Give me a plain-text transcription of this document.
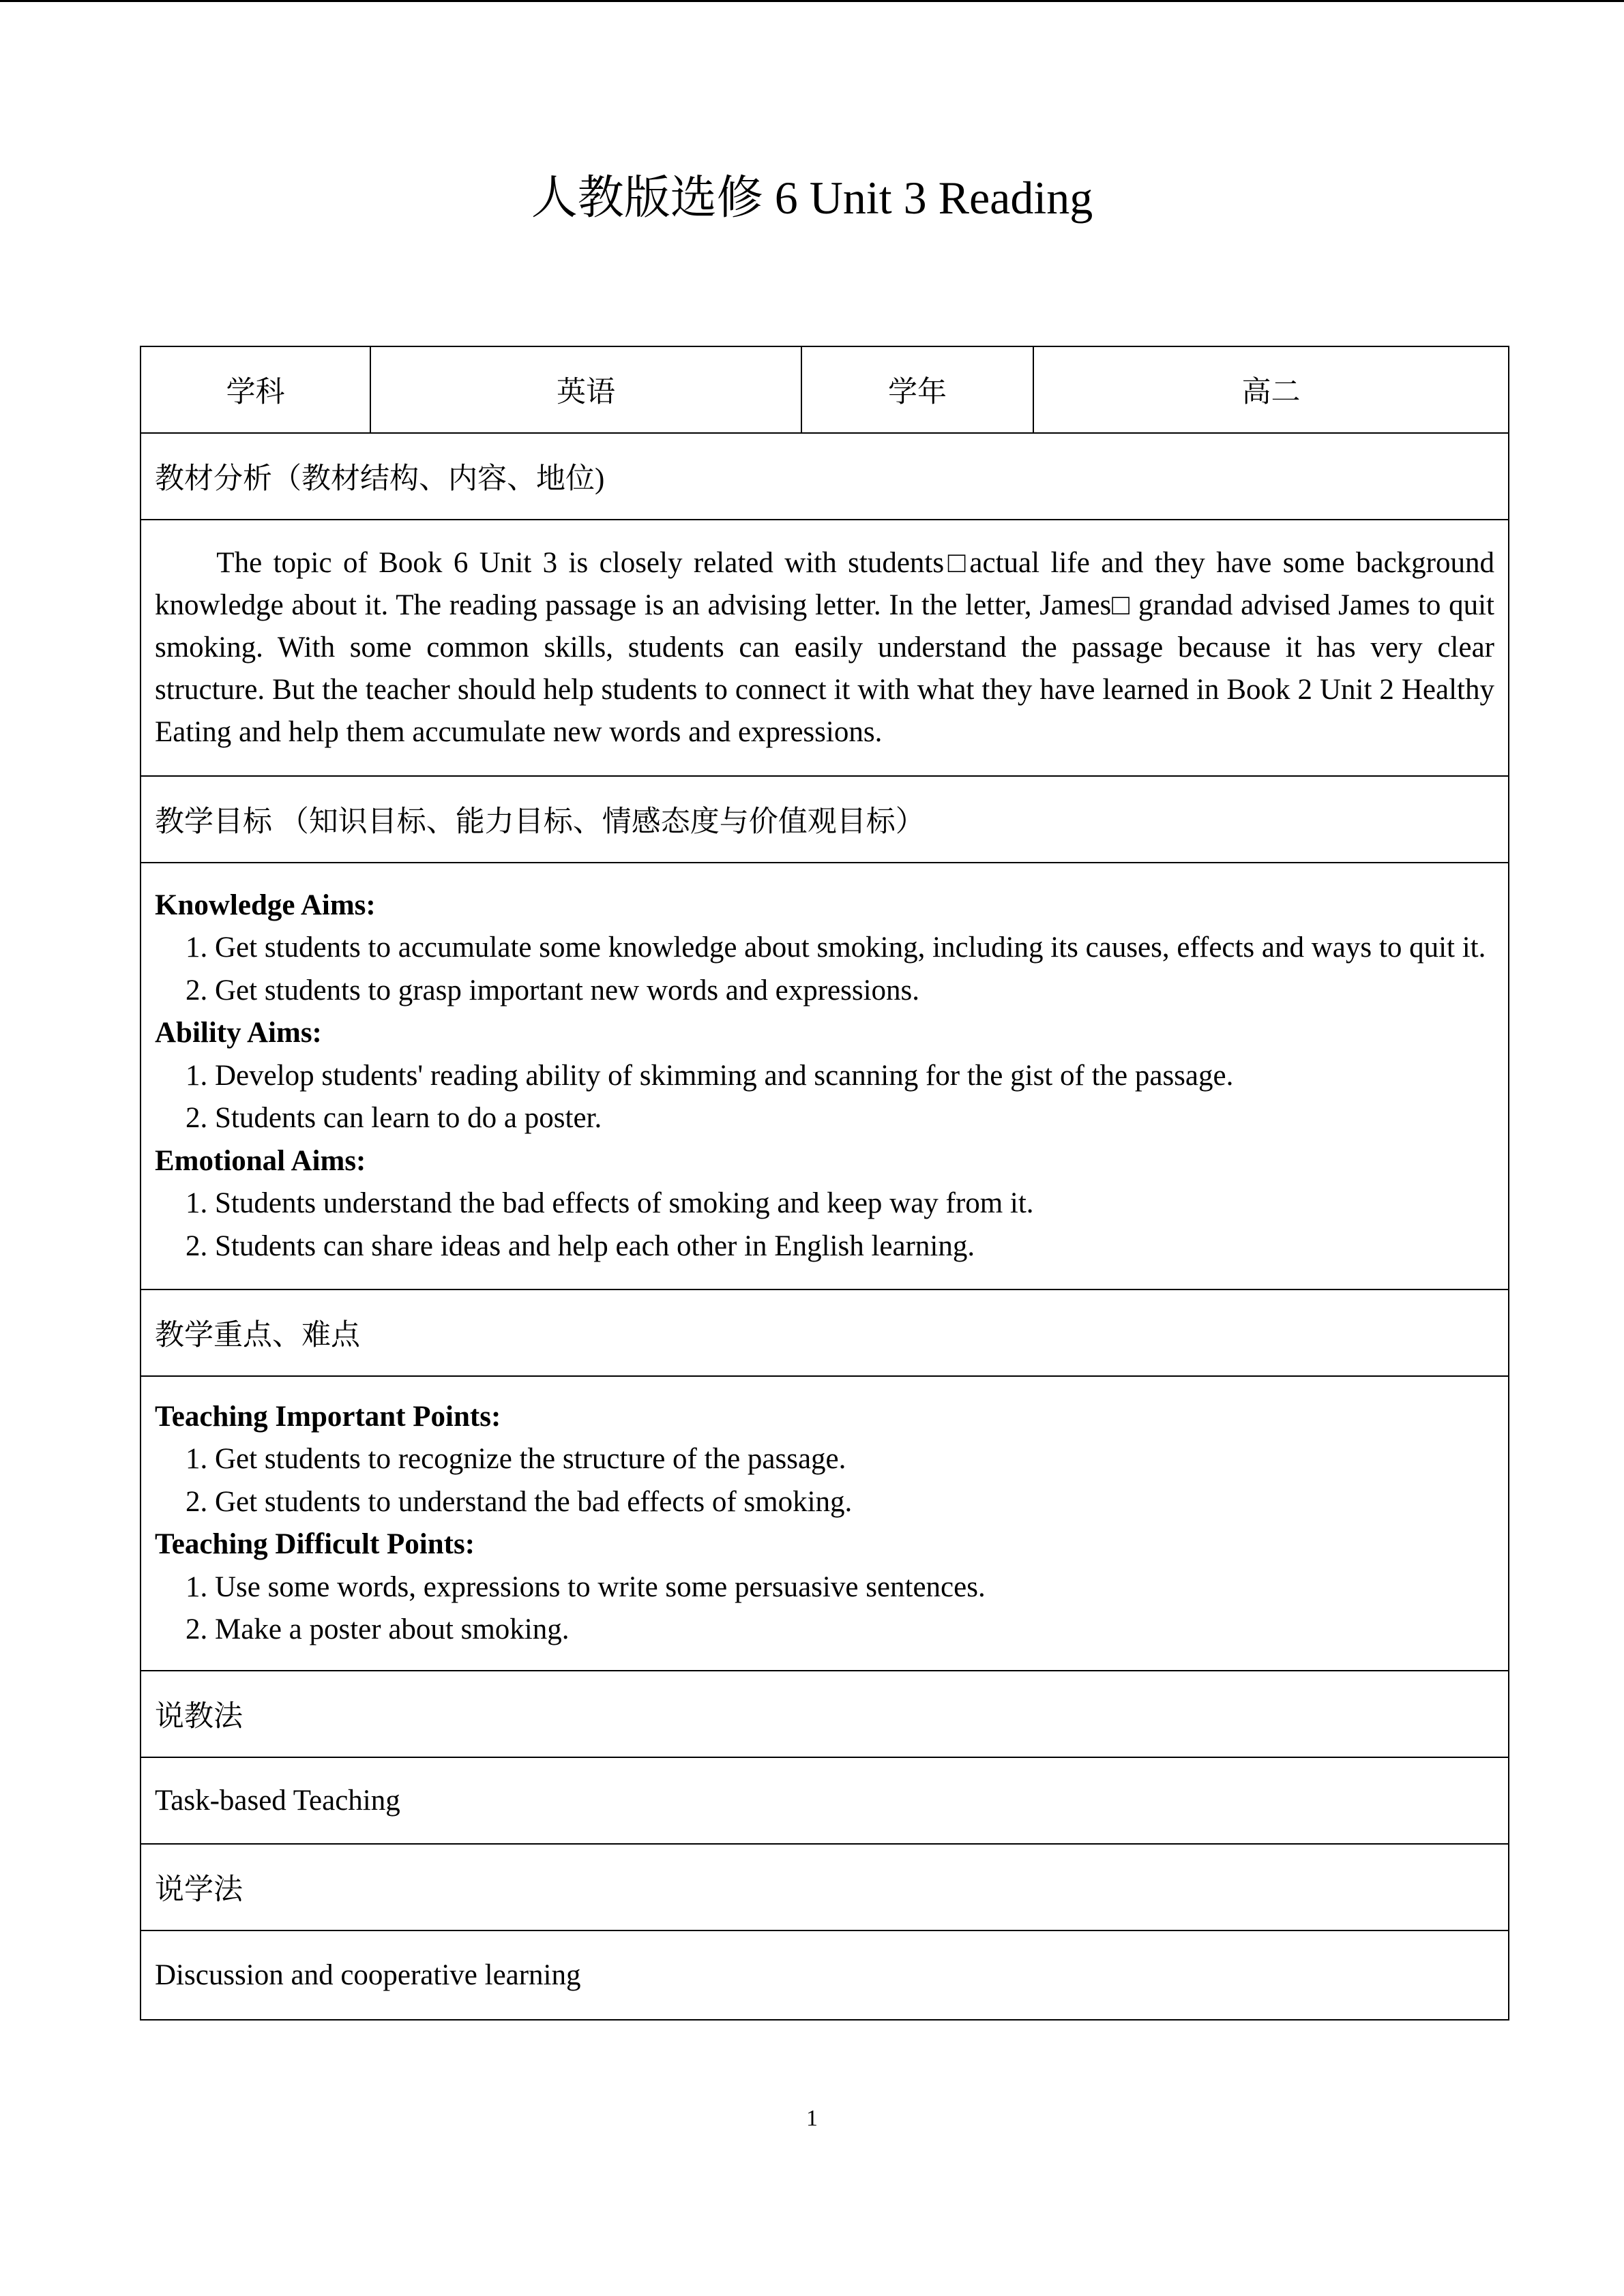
人教版选修 6 Unit 3 Reading
学科	英语	学年	高二
教材分析（教材结构、内容、地位)
The topic of Book 6 Unit 3 is closely related with students□actual life and they have some background knowledge about it. The reading passage is an advising letter. In the letter, James□ grandad advised James to quit smoking. With some common skills, students can easily understand the passage because it has very clear structure. But the teacher should help students to connect it with what they have learned in Book 2 Unit 2 Healthy Eating and help them accumulate new words and expressions.
教学目标 （知识目标、能力目标、情感态度与价值观目标）

Knowledge Aims:
1. Get students to accumulate some knowledge about smoking, including its causes, effects and ways to quit it.
2. Get students to grasp important new words and expressions.
Ability Aims:
1. Develop students' reading ability of skimming and scanning for the gist of the passage.
2. Students can learn to do a poster.
Emotional Aims:
1. Students understand the bad effects of smoking and keep way from it.
2. Students can share ideas and help each other in English learning.

教学重点、难点

Teaching Important Points:
1. Get students to recognize the structure of the passage.
2. Get students to understand the bad effects of smoking.
Teaching Difficult Points:
1. Use some words, expressions to write some persuasive sentences.
2. Make a poster about smoking.

说教法
Task-based Teaching
说学法
Discussion and cooperative learning
1
